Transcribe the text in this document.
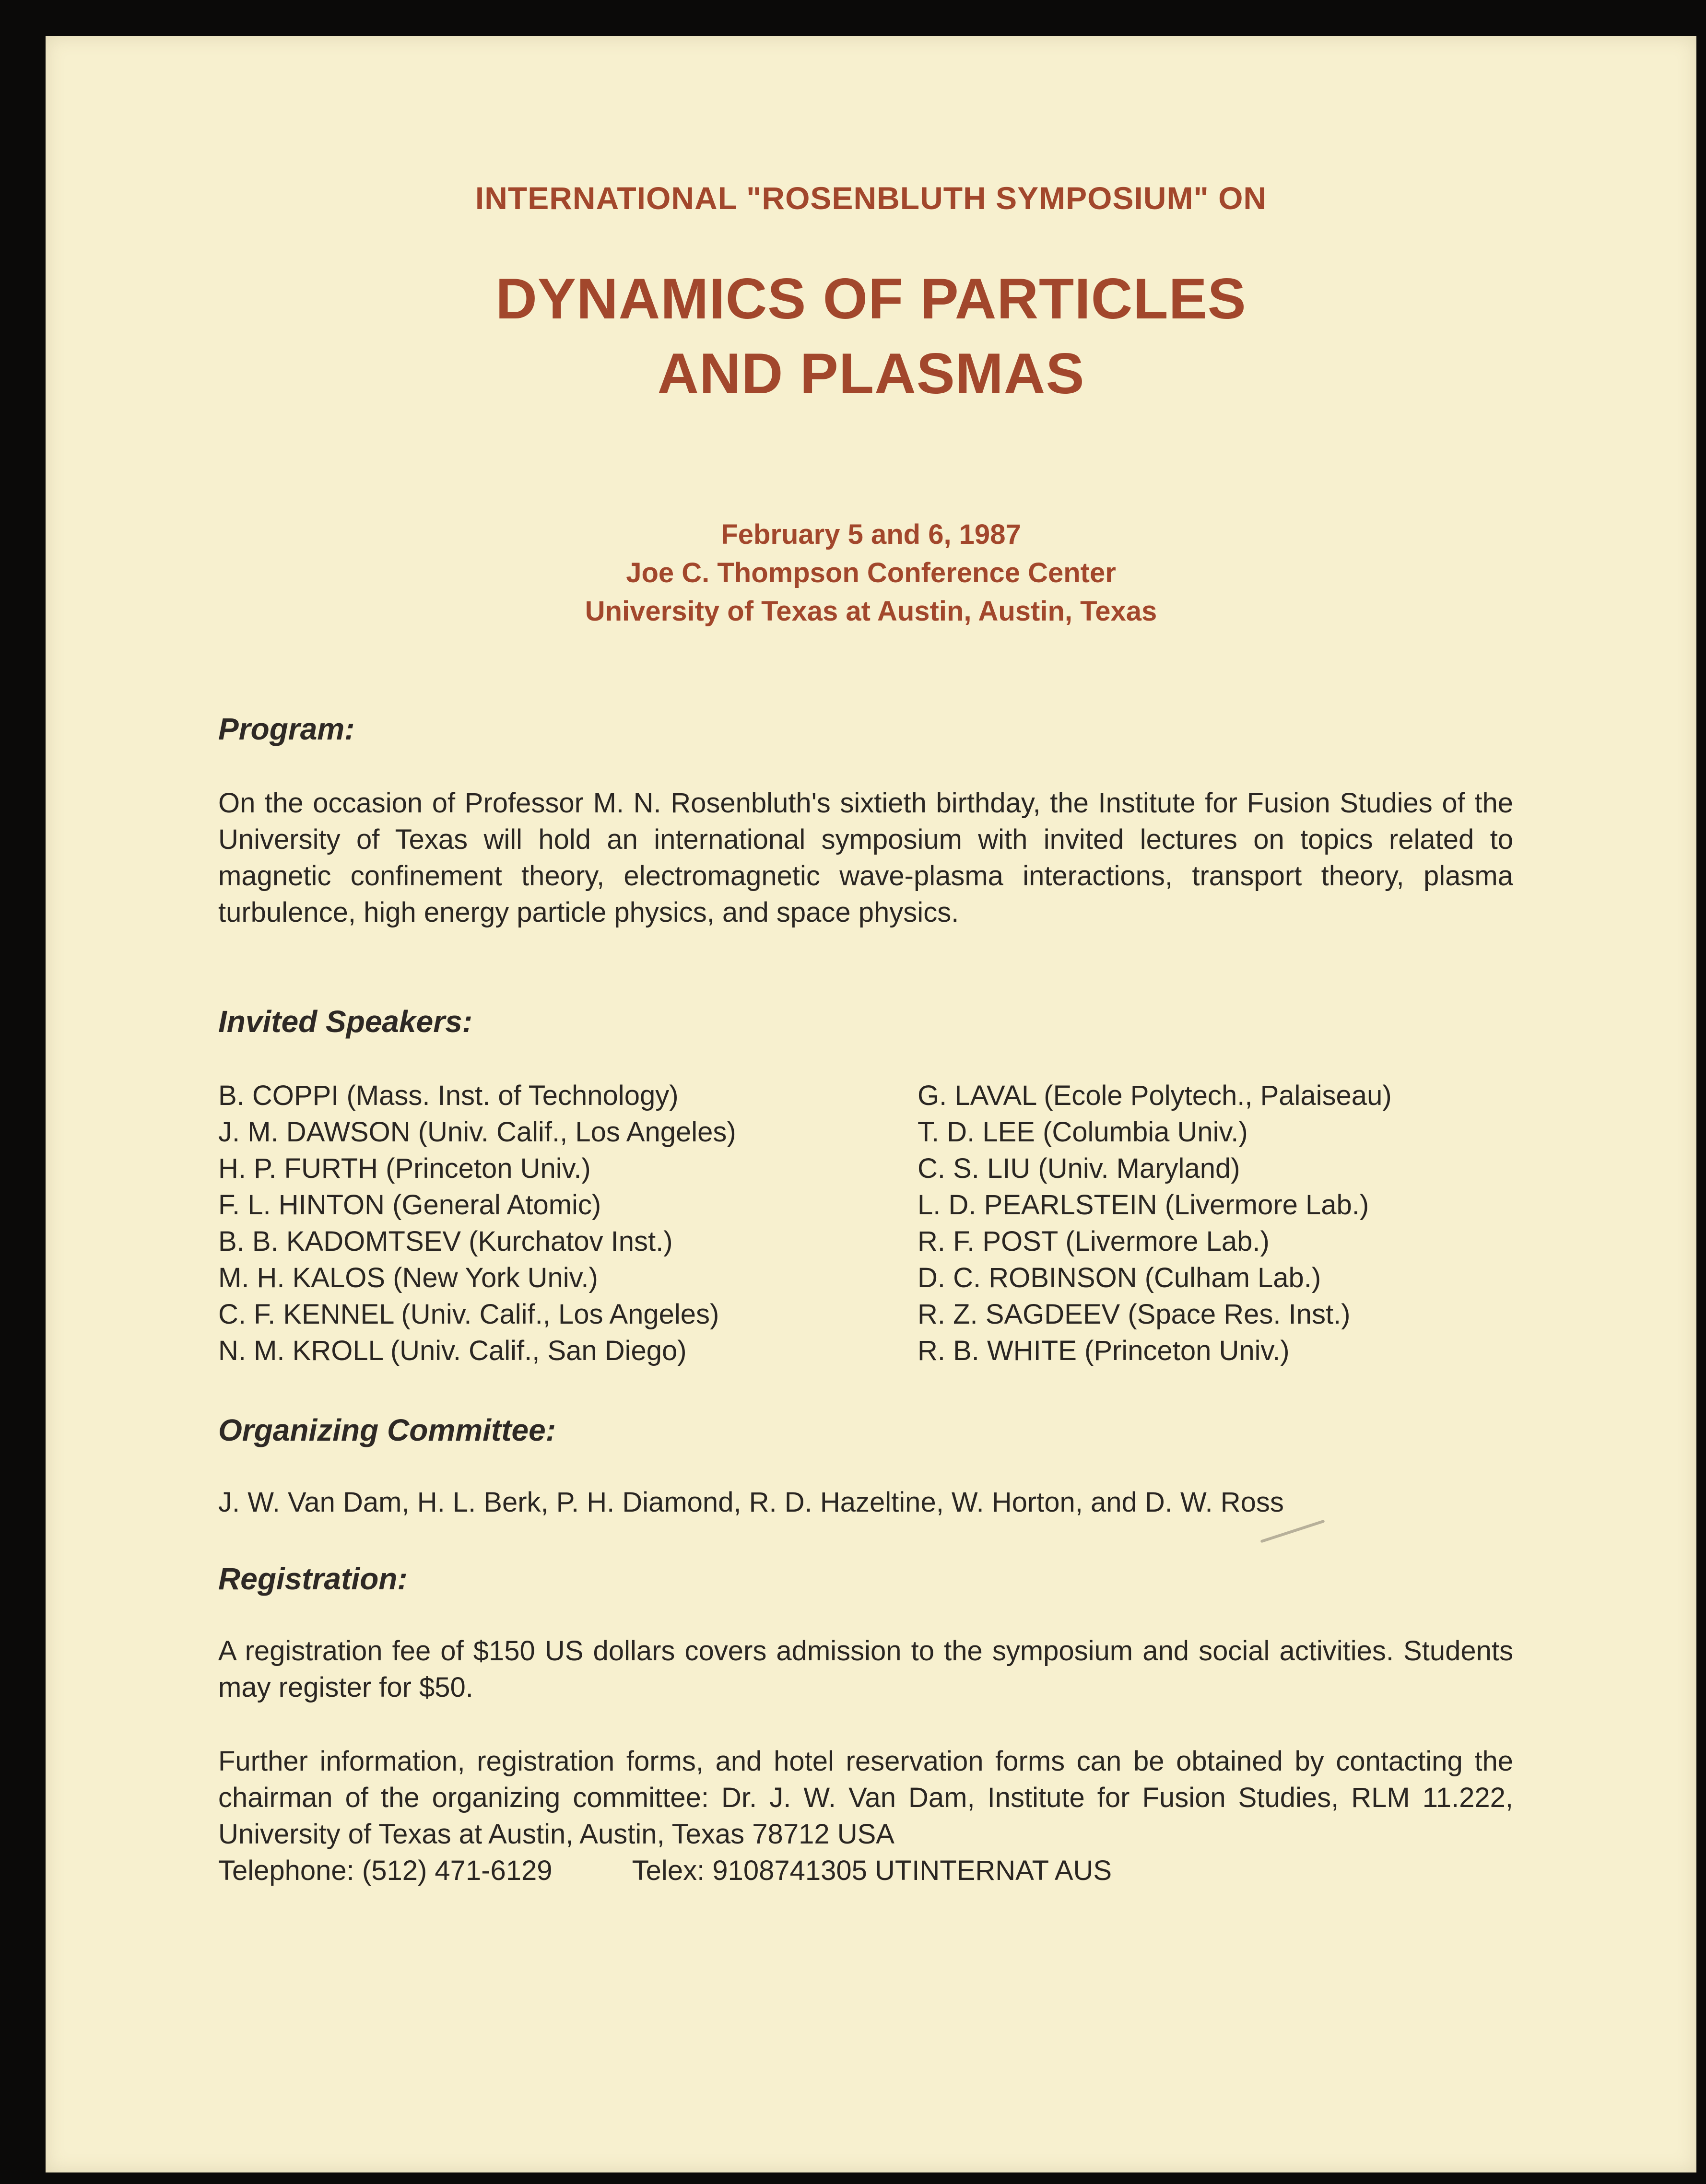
INTERNATIONAL "ROSENBLUTH SYMPOSIUM" ON
DYNAMICS OF PARTICLES
AND PLASMAS
February 5 and 6, 1987
Joe C. Thompson Conference Center
University of Texas at Austin, Austin, Texas
Program:
On the occasion of Professor M. N. Rosenbluth's sixtieth birthday, the Institute for Fusion Studies of the University of Texas will hold an international symposium with invited lectures on topics related to magnetic confinement theory, electromagnetic wave-plasma interactions, transport theory, plasma turbulence, high energy particle physics, and space physics.
Invited Speakers:
B. COPPI (Mass. Inst. of Technology)
J. M. DAWSON (Univ. Calif., Los Angeles)
H. P. FURTH (Princeton Univ.)
F. L. HINTON (General Atomic)
B. B. KADOMTSEV (Kurchatov Inst.)
M. H. KALOS (New York Univ.)
C. F. KENNEL (Univ. Calif., Los Angeles)
N. M. KROLL (Univ. Calif., San Diego)
G. LAVAL (Ecole Polytech., Palaiseau)
T. D. LEE (Columbia Univ.)
C. S. LIU (Univ. Maryland)
L. D. PEARLSTEIN (Livermore Lab.)
R. F. POST (Livermore Lab.)
D. C. ROBINSON (Culham Lab.)
R. Z. SAGDEEV (Space Res. Inst.)
R. B. WHITE (Princeton Univ.)
Organizing Committee:
J. W. Van Dam, H. L. Berk, P. H. Diamond, R. D. Hazeltine, W. Horton, and D. W. Ross
Registration:
A registration fee of $150 US dollars covers admission to the symposium and social activities. Students may register for $50.
Further information, registration forms, and hotel reservation forms can be obtained by contacting the chairman of the organizing committee: Dr. J. W. Van Dam, Institute for Fusion Studies, RLM 11.222, University of Texas at Austin, Austin, Texas 78712 USA
Telephone: (512) 471-6129	Telex: 9108741305 UTINTERNAT AUS
